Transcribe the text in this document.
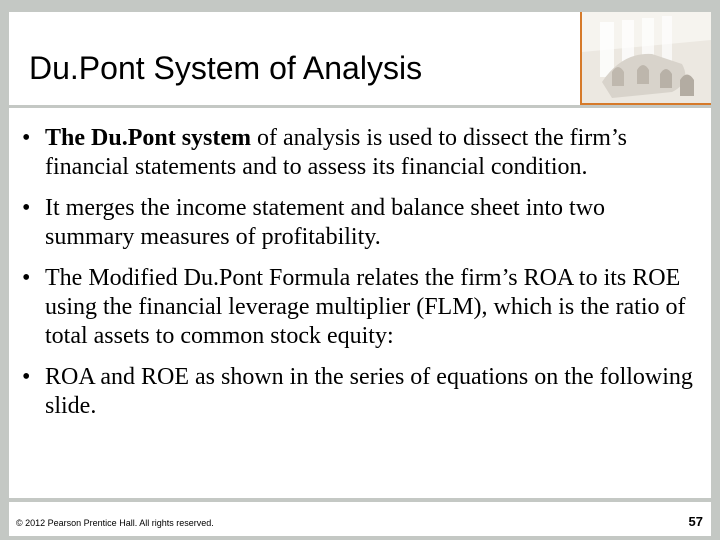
Du.Pont System of Analysis
• The Du.Pont system of analysis is used to dissect the firm’s financial statements and to assess its financial condition.
• It merges the income statement and balance sheet into two summary measures of profitability.
• The Modified Du.Pont Formula relates the firm’s ROA to its ROE using the financial leverage multiplier (FLM), which is the ratio of total assets to common stock equity:
• ROA and ROE as shown in the series of equations on the following slide.
© 2012 Pearson Prentice Hall. All rights reserved.	57
